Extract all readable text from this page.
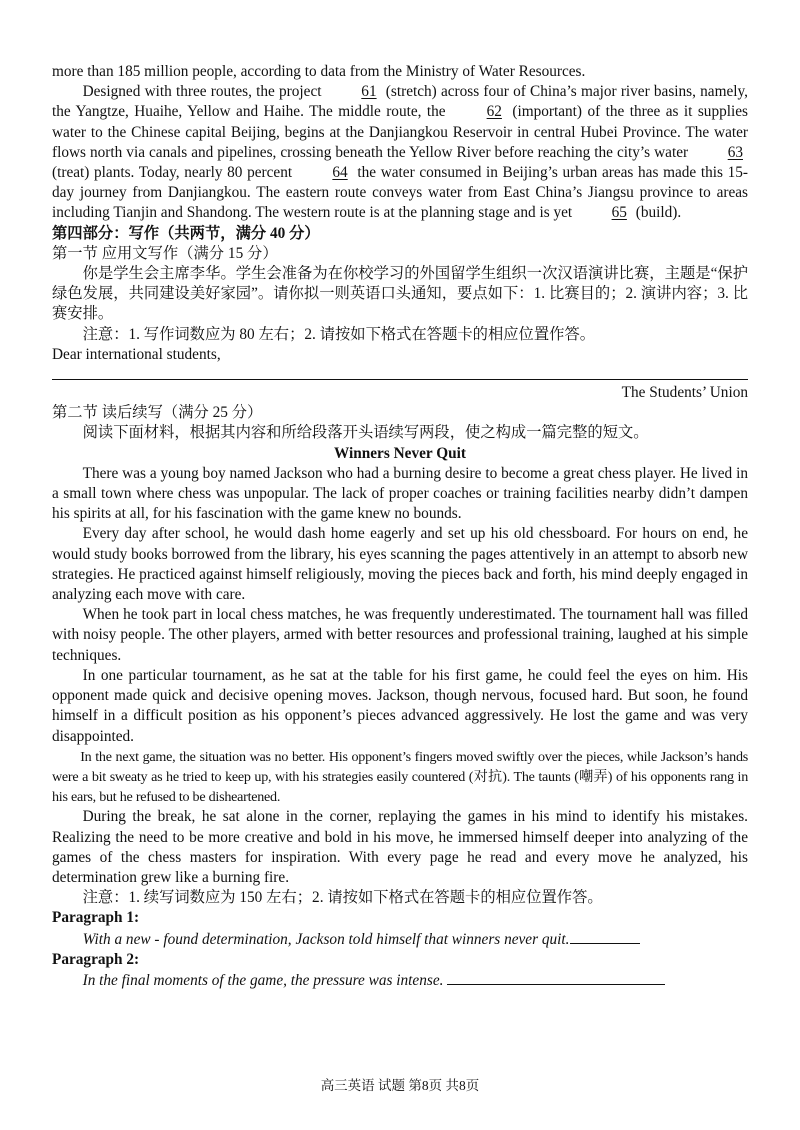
more than 185 million people, according to data from the Ministry of Water Resources.

Designed with three routes, the project	61 (stretch) across four of China’s major river basins, namely, the Yangtze, Huaihe, Yellow and Haihe. The middle route, the	62 (important) of the three as it supplies water to the Chinese capital Beijing, begins at the Danjiangkou Reservoir in central Hubei Province. The water flows north via canals and pipelines, crossing beneath the Yellow River before reaching the city’s water	63 (treat) plants. Today, nearly 80 percent	64 the water consumed in Beijing’s urban areas has made this 15-day journey from Danjiangkou. The eastern route conveys water from East China’s Jiangsu province to areas including Tianjin and Shandong. The western route is at the planning stage and is yet	65 (build).

第四部分：写作（共两节，满分 40 分）

第一节 应用文写作（满分 15 分）

你是学生会主席李华。学生会准备为在你校学习的外国留学生组织一次汉语演讲比赛，主题是“保护绿色发展，共同建设美好家园”。请你拟一则英语口头通知，要点如下：1. 比赛目的；2. 演讲内容；3. 比赛安排。

注意：1. 写作词数应为 80 左右；2. 请按如下格式在答题卡的相应位置作答。

Dear international students,

The Students’ Union

第二节 读后续写（满分 25 分）

阅读下面材料，根据其内容和所给段落开头语续写两段，使之构成一篇完整的短文。

Winners Never Quit

There was a young boy named Jackson who had a burning desire to become a great chess player. He lived in a small town where chess was unpopular. The lack of proper coaches or training facilities nearby didn’t dampen his spirits at all, for his fascination with the game knew no bounds.

Every day after school, he would dash home eagerly and set up his old chessboard. For hours on end, he would study books borrowed from the library, his eyes scanning the pages attentively in an attempt to absorb new strategies. He practiced against himself religiously, moving the pieces back and forth, his mind deeply engaged in analyzing each move with care.

When he took part in local chess matches, he was frequently underestimated. The tournament hall was filled with noisy people. The other players, armed with better resources and professional training, laughed at his simple techniques.

In one particular tournament, as he sat at the table for his first game, he could feel the eyes on him. His opponent made quick and decisive opening moves. Jackson, though nervous, focused hard. But soon, he found himself in a difficult position as his opponent’s pieces advanced aggressively. He lost the game and was very disappointed.

In the next game, the situation was no better. His opponent’s fingers moved swiftly over the pieces, while Jackson’s hands were a bit sweaty as he tried to keep up, with his strategies easily countered (对抗). The taunts (嘲弄) of his opponents rang in his ears, but he refused to be disheartened.

During the break, he sat alone in the corner, replaying the games in his mind to identify his mistakes. Realizing the need to be more creative and bold in his move, he immersed himself deeper into analyzing of the games of the chess masters for inspiration. With every page he read and every move he analyzed, his determination grew like a burning fire.

注意：1. 续写词数应为 150 左右；2. 请按如下格式在答题卡的相应位置作答。

Paragraph 1:

With a new - found determination, Jackson told himself that winners never quit.

Paragraph 2:

In the final moments of the game, the pressure was intense.

高三英语 试题 第8页 共8页
